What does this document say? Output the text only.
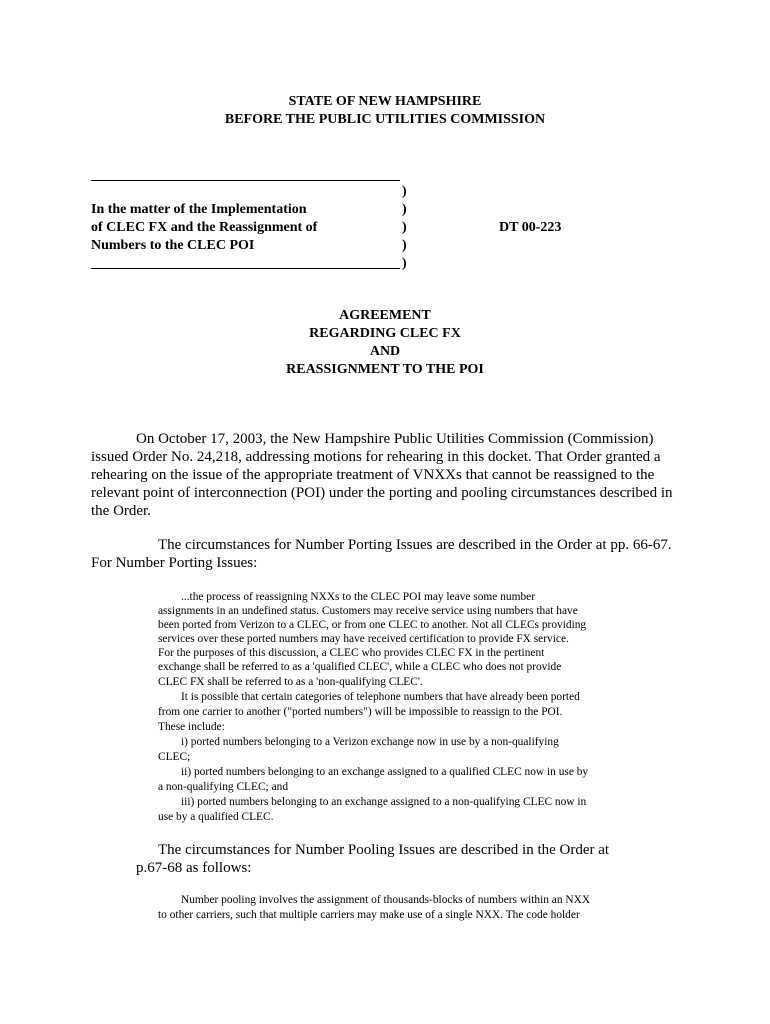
STATE OF NEW HAMPSHIRE
BEFORE THE PUBLIC UTILITIES COMMISSION
In the matter of the Implementation
of CLEC FX and the Reassignment of
Numbers to the CLEC POI
)
)
)
)
)
DT 00-223
AGREEMENT
REGARDING CLEC FX
AND
REASSIGNMENT TO THE POI
On October 17, 2003, the New Hampshire Public Utilities Commission (Commission)
issued Order No. 24,218, addressing motions for rehearing in this docket. That Order granted a
rehearing on the issue of the appropriate treatment of VNXXs that cannot be reassigned to the
relevant point of interconnection (POI) under the porting and pooling circumstances described in
the Order.
The circumstances for Number Porting Issues are described in the Order at pp. 66-67.
For Number Porting Issues:
...the process of reassigning NXXs to the CLEC POI may leave some number
assignments in an undefined status. Customers may receive service using numbers that have
been ported from Verizon to a CLEC, or from one CLEC to another. Not all CLECs providing
services over these ported numbers may have received certification to provide FX service.
For the purposes of this discussion, a CLEC who provides CLEC FX in the pertinent
exchange shall be referred to as a 'qualified CLEC', while a CLEC who does not provide
CLEC FX shall be referred to as a 'non-qualifying CLEC'.
It is possible that certain categories of telephone numbers that have already been ported
from one carrier to another ("ported numbers") will be impossible to reassign to the POI.
These include:
i) ported numbers belonging to a Verizon exchange now in use by a non-qualifying
CLEC;
ii) ported numbers belonging to an exchange assigned to a qualified CLEC now in use by
a non-qualifying CLEC; and
iii) ported numbers belonging to an exchange assigned to a non-qualifying CLEC now in
use by a qualified CLEC.
The circumstances for Number Pooling Issues are described in the Order at
p.67-68 as follows:
Number pooling involves the assignment of thousands-blocks of numbers within an NXX
to other carriers, such that multiple carriers may make use of a single NXX. The code holder
